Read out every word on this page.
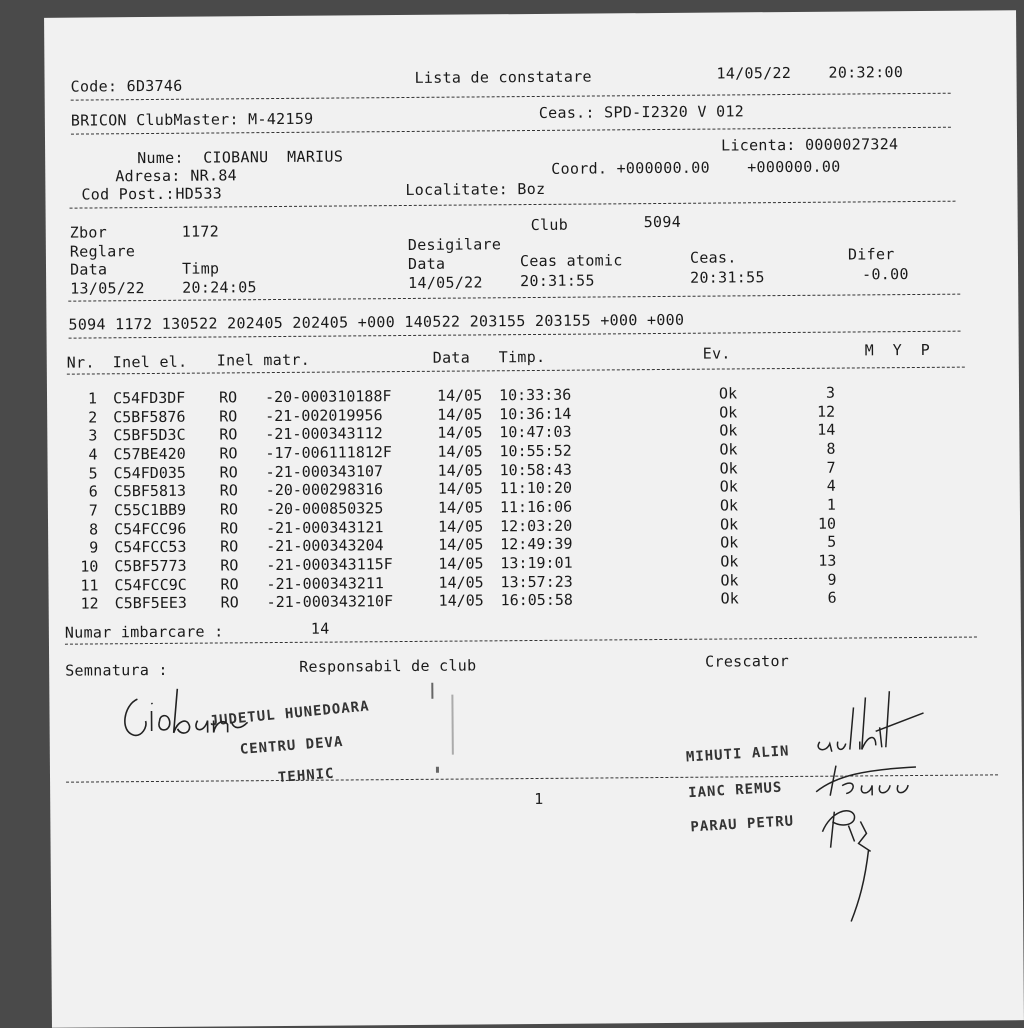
Code: 6D3746	Lista de constatare	14/05/22 20:32:00
BRICON ClubMaster: M-42159	Ceas.: SPD-I2320 V 012
Nume: CIOBANU  MARIUS
Licenta: 0000027324
Adresa: NR.84	Coord. +000000.00    +000000.00
Cod Post.: HD533	Localitate: Boz
Zbor	1172	Club	5094
Reglare	Desigilare
Data	Timp	Data	Ceas atomic	Ceas.	Difer
13/05/22 20:24:05	14/05/22 20:31:55	20:31:55	-0.00
5094 1172 130522 202405 202405 +000 140522 203155 203155 +000 +000
Nr. Inel el. Inel matr.	Data Timp.	Ev.	M  Y  P
1 C54FD3DF RO -20-000310188F	14/05 10:33:36	Ok	3
2 C5BF5876 RO -21-002019956	14/05 10:36:14	Ok	12
3 C5BF5D3C RO -21-000343112	14/05 10:47:03	Ok	14
4 C57BE420 RO -17-006111812F	14/05 10:55:52	Ok	8
5 C54FD035 RO -21-000343107	14/05 10:58:43	Ok	7
6 C5BF5813 RO -20-000298316	14/05 11:10:20	Ok	4
7 C55C1BB9 RO -20-000850325	14/05 11:16:06	Ok	1
8 C54FCC96 RO -21-000343121	14/05 12:03:20	Ok	10
9 C54FCC53 RO -21-000343204	14/05 12:49:39	Ok	5
10 C5BF5773 RO -21-000343115F	14/05 13:19:01	Ok	13
11 C54FCC9C RO -21-000343211	14/05 13:57:23	Ok	9
12 C5BF5EE3 RO -21-000343210F	14/05 16:05:58	Ok	6
Numar imbarcare :	14
Semnatura :	Responsabil de club	Crescator
JUDETUL HUNEDOARA
CENTRU DEVA
TEHNIC
1
MIHUTI ALIN
IANC REMUS
PARAU PETRU
